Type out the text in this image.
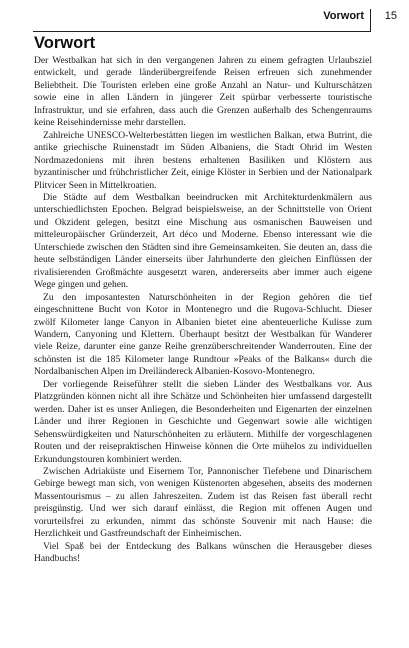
Vorwort 15
Vorwort

Der Westbalkan hat sich in den vergangenen Jahren zu einem gefragten Urlaubsziel entwickelt, und gerade länderübergreifende Reisen erfreuen sich zunehmender Beliebtheit. Die Touristen erleben eine große Anzahl an Natur- und Kulturschätzen sowie eine in allen Ländern in jüngerer Zeit spürbar verbesserte touristische Infrastruktur, und sie erfahren, dass auch die Grenzen außerhalb des Schengenraums keine Reisehindernisse mehr darstellen.

Zahlreiche UNESCO-Welterbestätten liegen im westlichen Balkan, etwa Butrint, die antike griechische Ruinenstadt im Süden Albaniens, die Stadt Ohrid im Westen Nordmazedoniens mit ihren bestens erhaltenen Basiliken und Klöstern aus byzantinischer und frühchristlicher Zeit, einige Klöster in Serbien und der Nationalpark Plitvicer Seen in Mittelkroatien.

Die Städte auf dem Westbalkan beeindrucken mit Architekturdenkmälern aus unterschiedlichsten Epochen. Belgrad beispielsweise, an der Schnittstelle von Orient und Okzident gelegen, besitzt eine Mischung aus osmanischen Bauweisen und mitteleuropäischer Gründerzeit, Art déco und Moderne. Ebenso interessant wie die Unterschiede zwischen den Städten sind ihre Gemeinsamkeiten. Sie deuten an, dass die heute selbständigen Länder einerseits über Jahrhunderte den gleichen Einflüssen der rivalisierenden Großmächte ausgesetzt waren, andererseits aber immer auch eigene Wege gingen und gehen.

Zu den imposantesten Naturschönheiten in der Region gehören die tief eingeschnittene Bucht von Kotor in Montenegro und die Rugova-Schlucht. Dieser zwölf Kilometer lange Canyon in Albanien bietet eine abenteuerliche Kulisse zum Wandern, Canyoning und Klettern. Überhaupt besitzt der Westbalkan für Wanderer viele Reize, darunter eine ganze Reihe grenzüberschreitender Wanderrouten. Eine der schönsten ist die 185 Kilometer lange Rundtour »Peaks of the Balkans« durch die Nordalbanischen Alpen im Dreiländereck Albanien-Kosovo-Montenegro.

Der vorliegende Reiseführer stellt die sieben Länder des Westbalkans vor. Aus Platzgründen können nicht all ihre Schätze und Schönheiten hier umfassend dargestellt werden. Daher ist es unser Anliegen, die Besonderheiten und Eigenarten der einzelnen Länder und ihrer Regionen in Geschichte und Gegenwart sowie alle wichtigen Sehenswürdigkeiten und Naturschönheiten zu erläutern. Mithilfe der vorgeschlagenen Routen und der reisepraktischen Hinweise können die Orte mühelos zu individuellen Erkundungstouren kombiniert werden.

Zwischen Adriaküste und Eisernem Tor, Pannonischer Tiefebene und Dinarischem Gebirge bewegt man sich, von wenigen Küstenorten abgesehen, abseits des modernen Massentourismus – zu allen Jahreszeiten. Zudem ist das Reisen fast überall recht preisgünstig. Und wer sich darauf einlässt, die Region mit offenen Augen und vorurteilsfrei zu erkunden, nimmt das schönste Souvenir mit nach Hause: die Herzlichkeit und Gastfreundschaft der Einheimischen.

Viel Spaß bei der Entdeckung des Balkans wünschen die Herausgeber dieses Handbuchs!
